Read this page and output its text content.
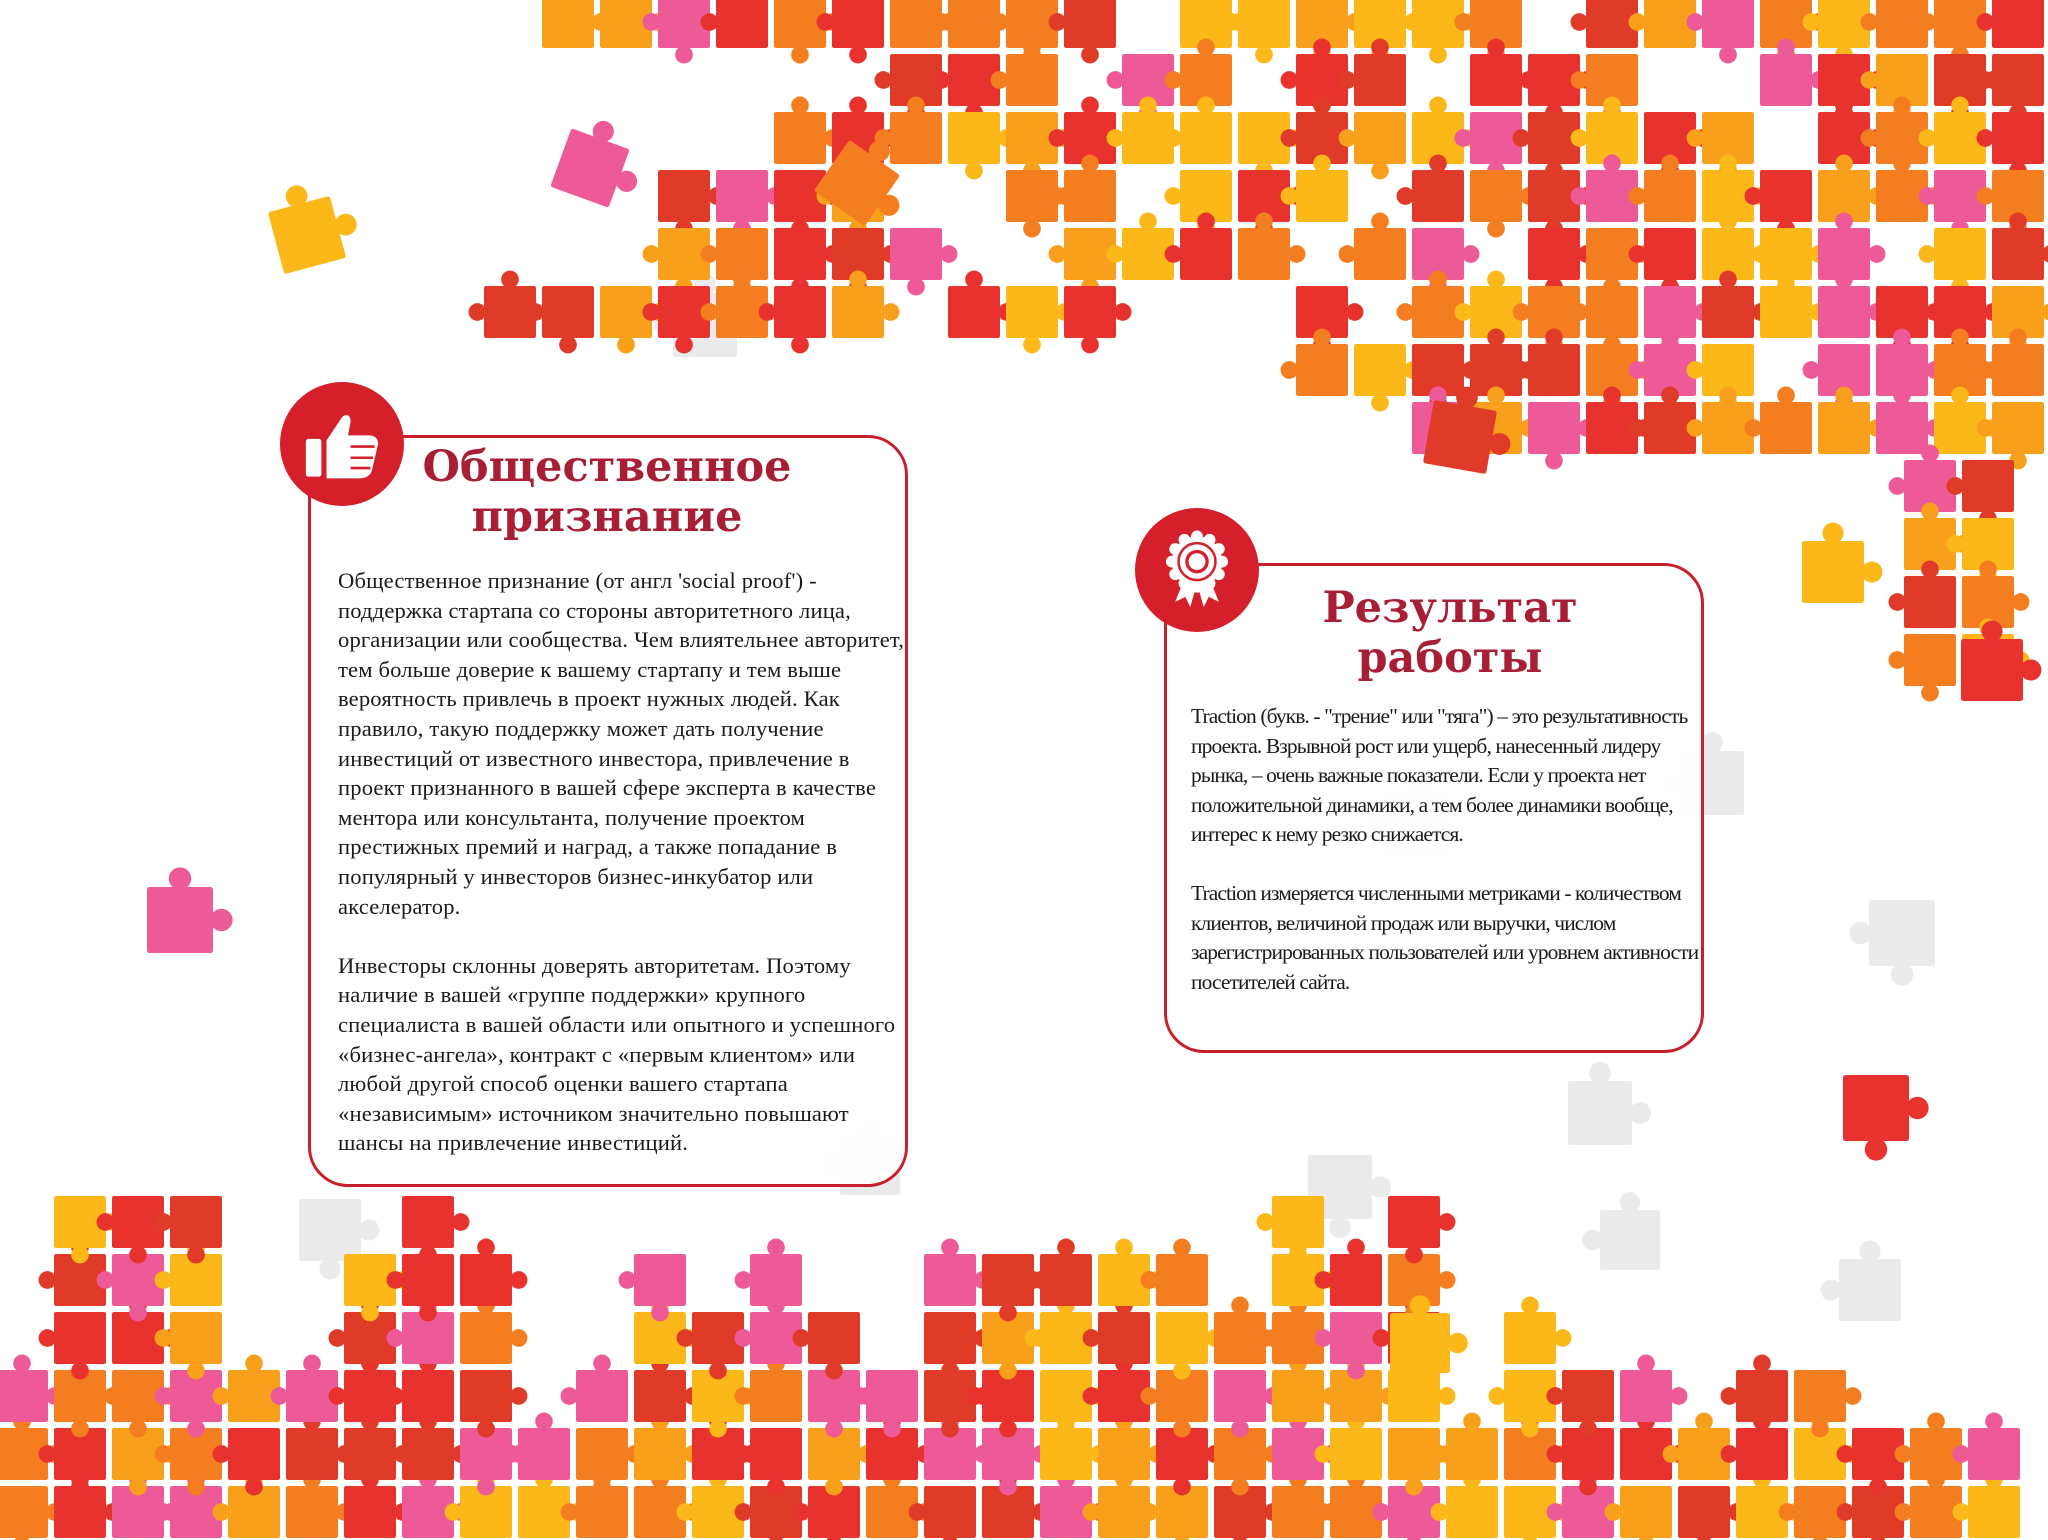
Общественное признание

Общественное признание (от англ 'social proof') - поддержка стартапа со стороны авторитетного лица, организации или сообщества. Чем влиятельнее авторитет, тем больше доверие к вашему стартапу и тем выше вероятность привлечь в проект нужных людей. Как правило, такую поддержку может дать получение инвестиций от известного инвестора, привлечение в проект признанного в вашей сфере эксперта в качестве ментора или консультанта, получение проектом престижных премий и наград, а также попадание в популярный у инвесторов бизнес-инкубатор или акселератор.

Инвесторы склонны доверять авторитетам. Поэтому наличие в вашей «группе поддержки» крупного специалиста в вашей области или опытного и успешного «бизнес-ангела», контракт с «первым клиентом» или любой другой способ оценки вашего стартапа «независимым» источником значительно повышают шансы на привлечение инвестиций.

Результат работы

Traction (букв. - "трение" или "тяга") – это результативность проекта. Взрывной рост или ущерб, нанесенный лидеру рынка, – очень важные показатели. Если у проекта нет положительной динамики, а тем более динамики вообще, интерес к нему резко снижается.

Traction измеряется численными метриками - количеством клиентов, величиной продаж или выручки, числом зарегистрированных пользователей или уровнем активности посетителей сайта.
